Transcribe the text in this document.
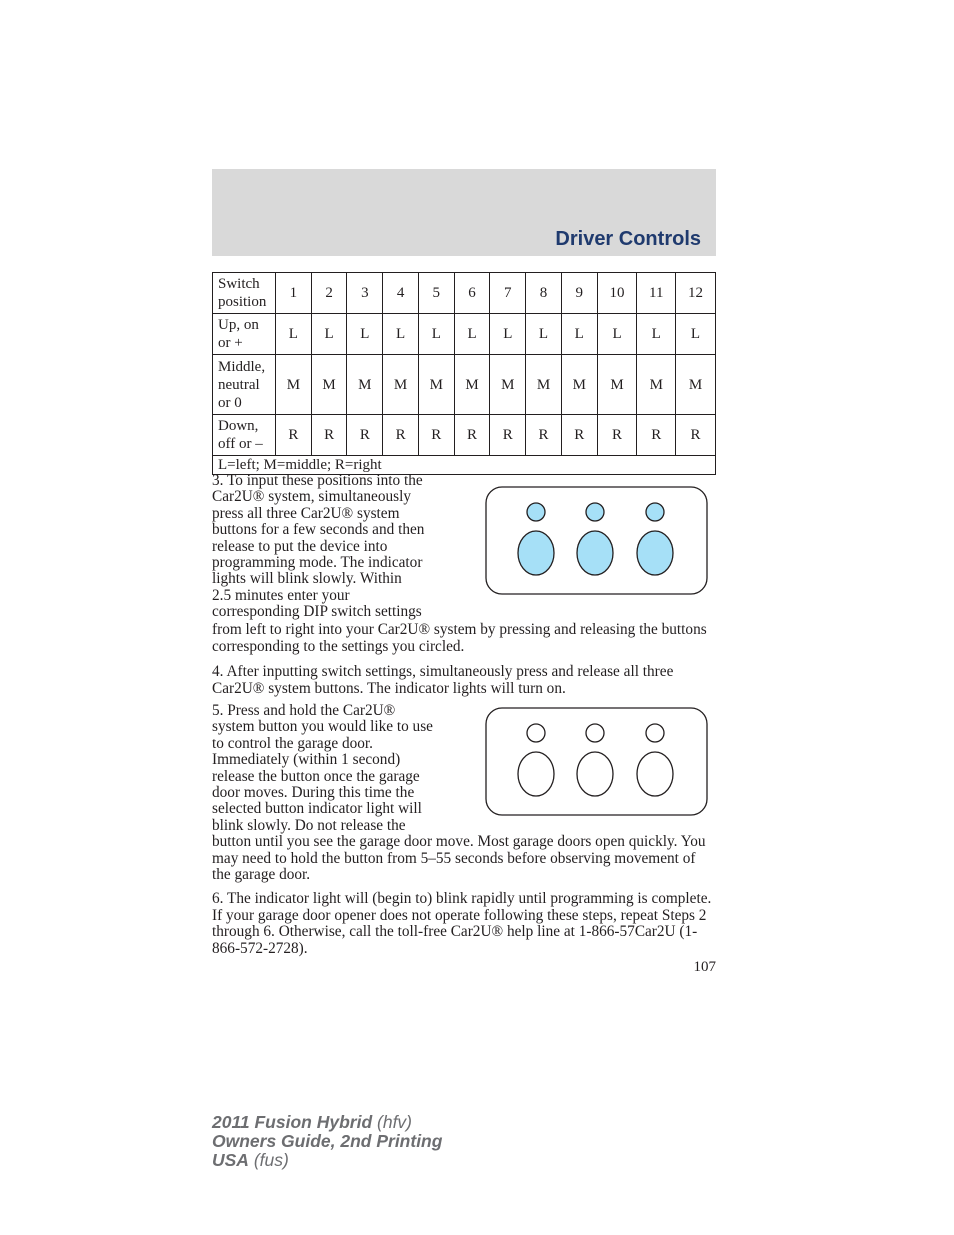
Driver Controls
Switch position	1	2	3	4	5	6	7	8	9	10	11	12
Up, on or +	L	L	L	L	L	L	L	L	L	L	L	L
Middle, neutral or 0	M	M	M	M	M	M	M	M	M	M	M	M
Down, off or –	R	R	R	R	R	R	R	R	R	R	R	R
L=left; M=middle; R=right												
3. To input these positions into the
Car2U® system, simultaneously
press all three Car2U® system
buttons for a few seconds and then
release to put the device into
programming mode. The indicator
lights will blink slowly. Within
2.5 minutes enter your
corresponding DIP switch settings

from left to right into your Car2U® system by pressing and releasing the buttons corresponding to the settings you circled.

4. After inputting switch settings, simultaneously press and release all three Car2U® system buttons. The indicator lights will turn on.
5. Press and hold the Car2U®
system button you would like to use
to control the garage door.
Immediately (within 1 second)
release the button once the garage
door moves. During this time the
selected button indicator light will
blink slowly. Do not release the

button until you see the garage door move. Most garage doors open quickly. You may need to hold the button from 5–55 seconds before observing movement of the garage door.

6. The indicator light will (begin to) blink rapidly until programming is complete. If your garage door opener does not operate following these steps, repeat Steps 2 through 6. Otherwise, call the toll-free Car2U® help line at 1-866-57Car2U (1-866-572-2728).
107
2011 Fusion Hybrid (hfv)
Owners Guide, 2nd Printing
USA (fus)
